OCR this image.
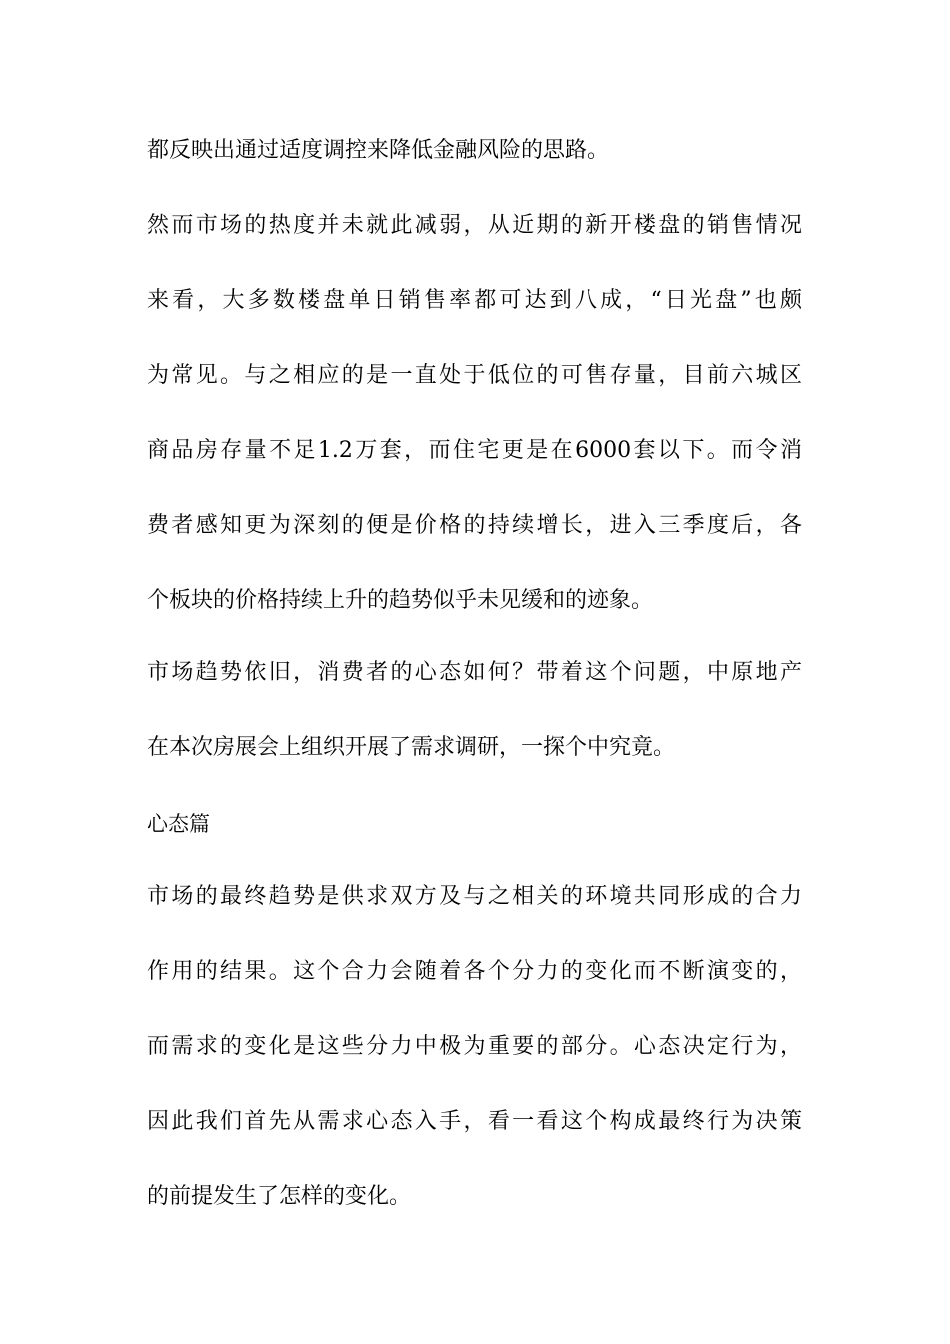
都反映出通过适度调控来降低金融风险的思路。

然而市场的热度并未就此减弱，从近期的新开楼盘的销售情况

来看，大多数楼盘单日销售率都可达到八成，“日光盘”也颇

为常见。与之相应的是一直处于低位的可售存量，目前六城区

商品房存量不足1.2万套，而住宅更是在6000套以下。而令消

费者感知更为深刻的便是价格的持续增长，进入三季度后，各

个板块的价格持续上升的趋势似乎未见缓和的迹象。

市场趋势依旧，消费者的心态如何？带着这个问题，中原地产

在本次房展会上组织开展了需求调研，一探个中究竟。

心态篇

市场的最终趋势是供求双方及与之相关的环境共同形成的合力

作用的结果。这个合力会随着各个分力的变化而不断演变的，

而需求的变化是这些分力中极为重要的部分。心态决定行为，

因此我们首先从需求心态入手，看一看这个构成最终行为决策

的前提发生了怎样的变化。
